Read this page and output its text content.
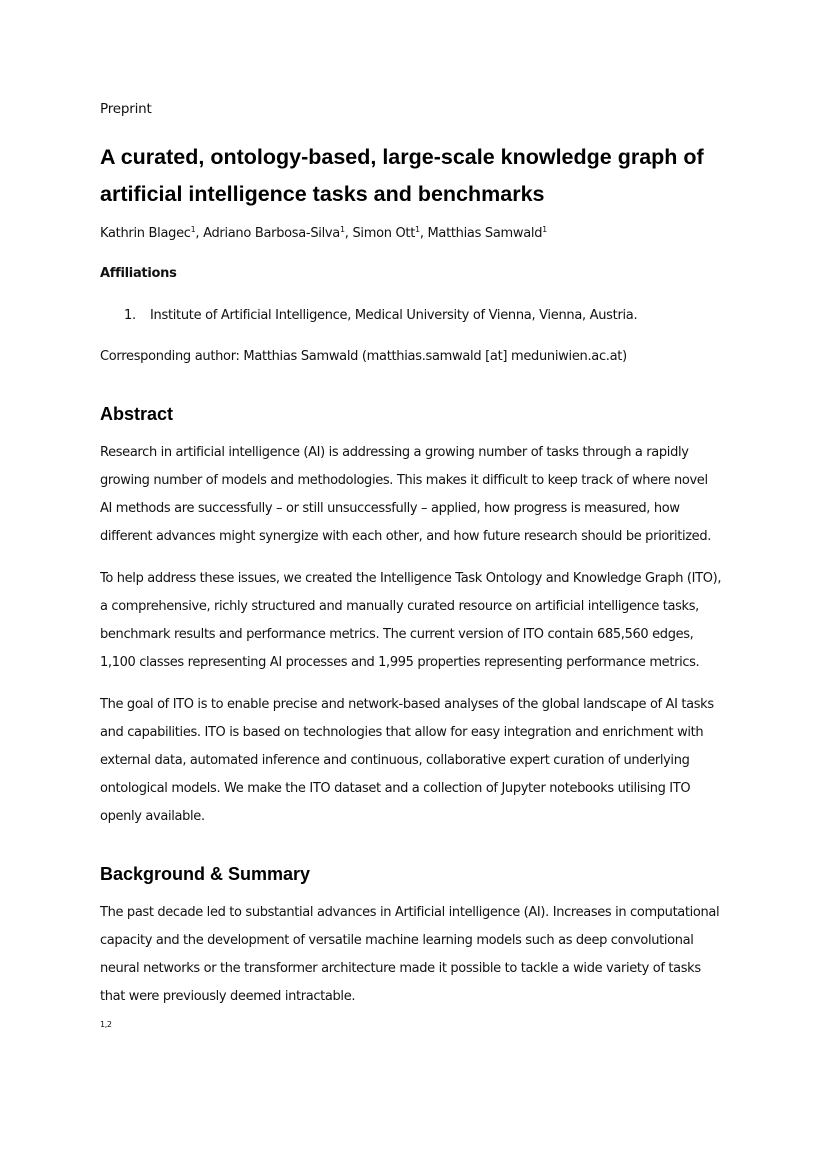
Preprint
A curated, ontology-based, large-scale knowledge graph of
artificial intelligence tasks and benchmarks
Kathrin Blagec$^1$, Adriano Barbosa-Silva$^1$, Simon Ott$^1$, Matthias Samwald$^1$
Affiliations
1. Institute of Artificial Intelligence, Medical University of Vienna, Vienna, Austria.
Corresponding author: Matthias Samwald (matthias.samwald [at] meduniwien.ac.at)
Abstract

Research in artificial intelligence (AI) is addressing a growing number of tasks through a rapidly
growing number of models and methodologies. This makes it difficult to keep track of where novel
AI methods are successfully – or still unsuccessfully – applied, how progress is measured, how
different advances might synergize with each other, and how future research should be prioritized.

To help address these issues, we created the Intelligence Task Ontology and Knowledge Graph (ITO),
a comprehensive, richly structured and manually curated resource on artificial intelligence tasks,
benchmark results and performance metrics. The current version of ITO contain 685,560 edges,
1,100 classes representing AI processes and 1,995 properties representing performance metrics.

The goal of ITO is to enable precise and network-based analyses of the global landscape of AI tasks
and capabilities. ITO is based on technologies that allow for easy integration and enrichment with
external data, automated inference and continuous, collaborative expert curation of underlying
ontological models. We make the ITO dataset and a collection of Jupyter notebooks utilising ITO
openly available.

Background & Summary

The past decade led to substantial advances in Artificial intelligence (AI). Increases in computational
capacity and the development of versatile machine learning models such as deep convolutional
neural networks or the transformer architecture made it possible to tackle a wide variety of tasks
that were previously deemed intractable.
$^{1,2}$
